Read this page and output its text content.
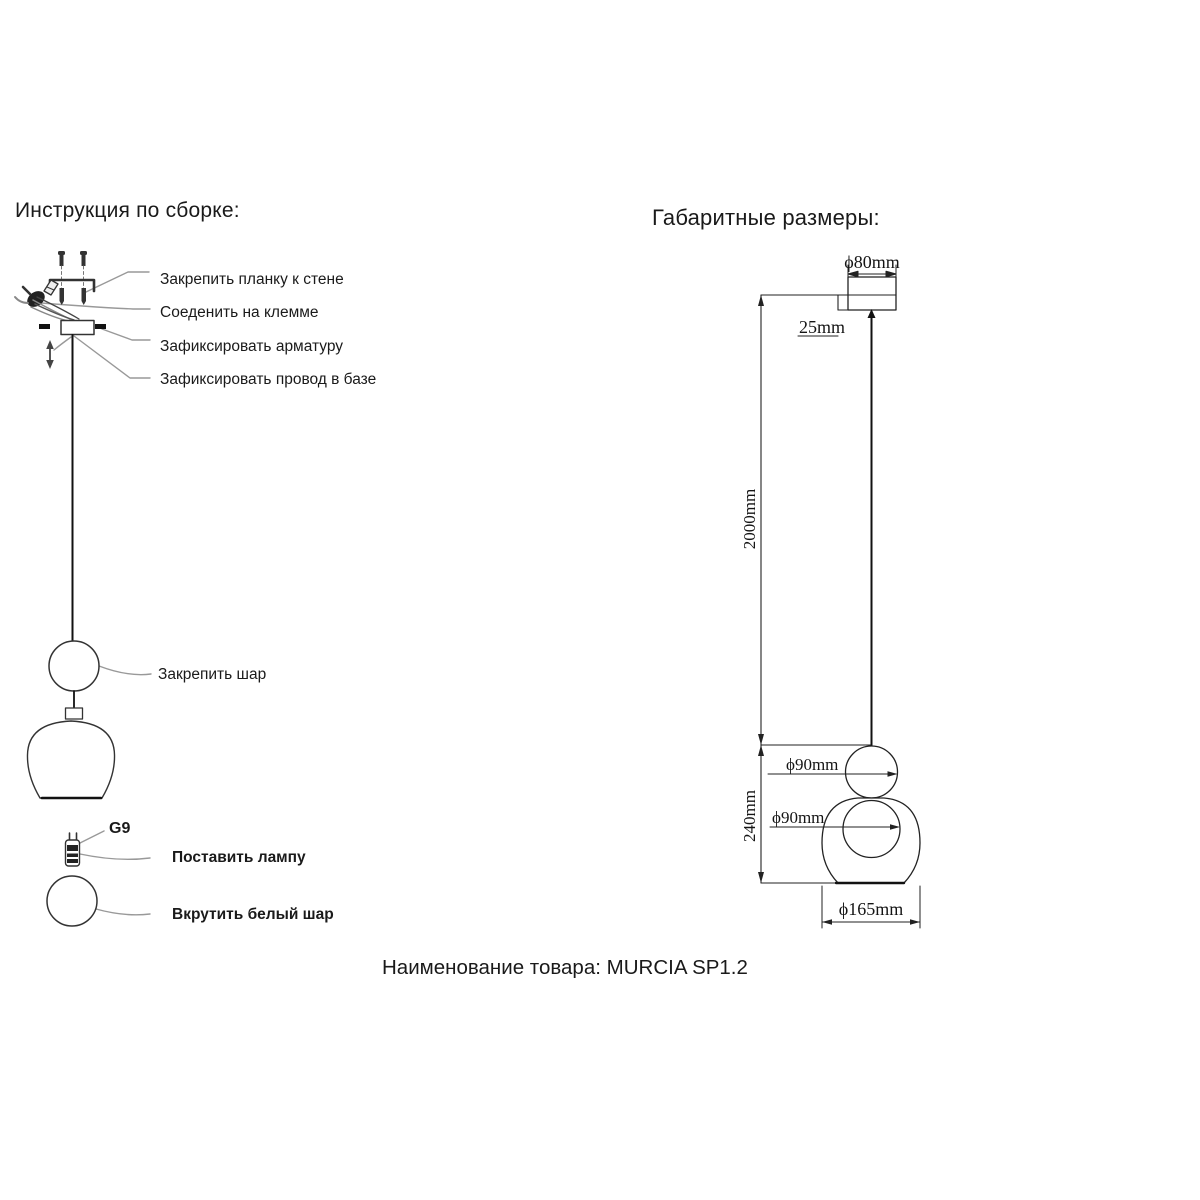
Инструкция по сборке:	Габаритные размеры:
Закрепить планку к стене
Соеденить на клемме
Зафиксировать арматуру
Зафиксировать провод в базе
Закрепить шар
G9
Поставить лампу
Вкрутить белый шар
ϕ80mm
25mm
2000mm
240mm
ϕ90mm
ϕ90mm
ϕ165mm
Наименование товара: MURCIA SP1.2
